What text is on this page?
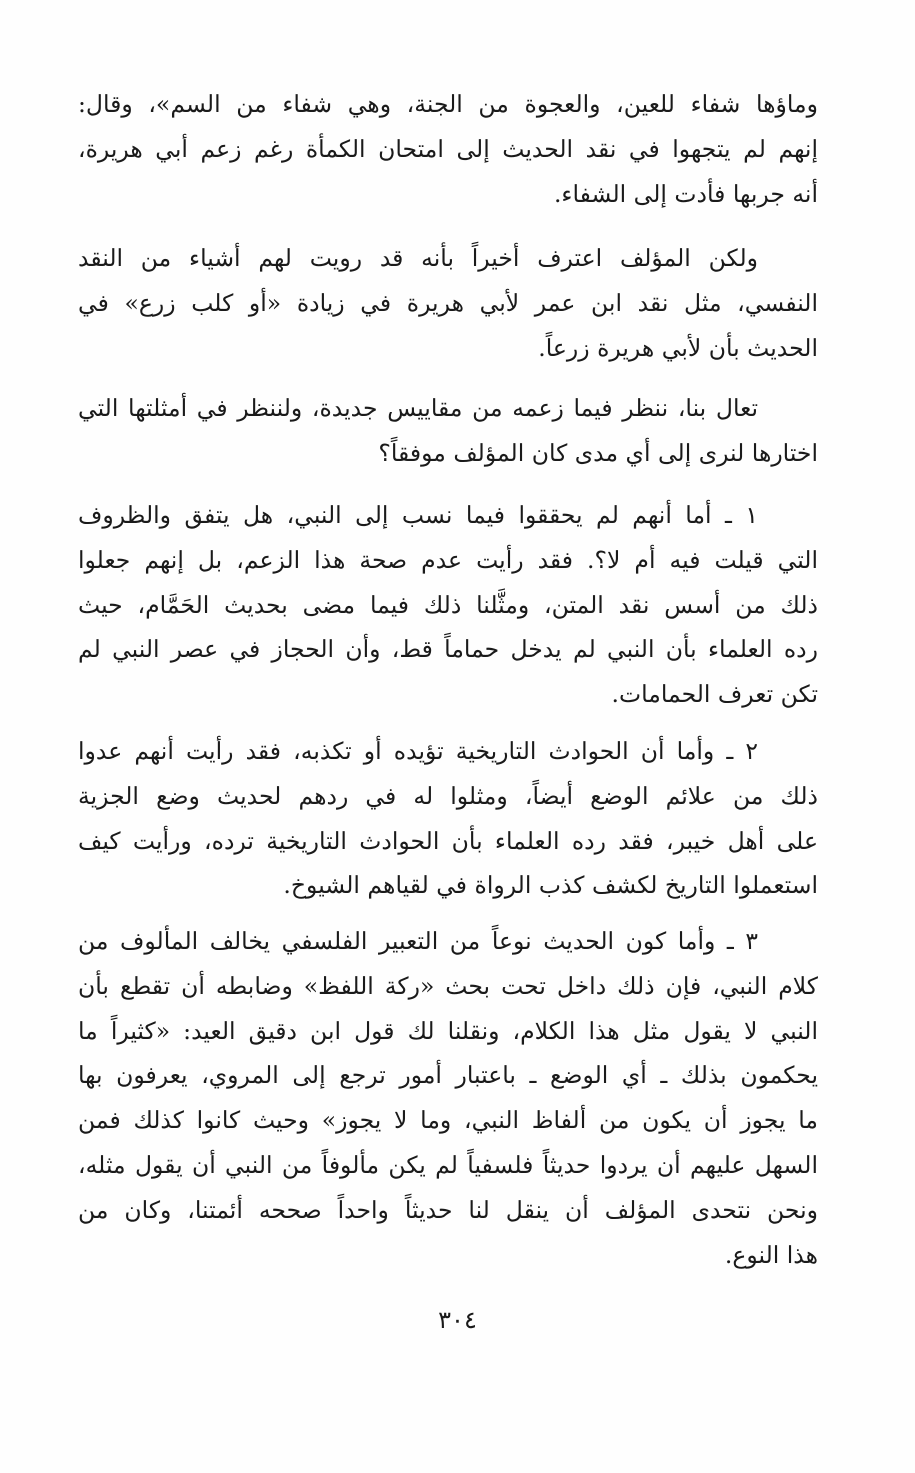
وماؤها شفاء للعين، والعجوة من الجنة، وهي شفاء من السم»، وقال:
إنهم لم يتجهوا في نقد الحديث إلى امتحان الكمأة رغم زعم أبي هريرة،
أنه جربها فأدت إلى الشفاء.
ولكن المؤلف اعترف أخيراً بأنه قد رويت لهم أشياء من النقد
النفسي، مثل نقد ابن عمر لأبي هريرة في زيادة «أو كلب زرع» في
الحديث بأن لأبي هريرة زرعاً.
تعال بنا، ننظر فيما زعمه من مقاييس جديدة، ولننظر في أمثلتها التي
اختارها لنرى إلى أي مدى كان المؤلف موفقاً؟
١ ـ أما أنهم لم يحققوا فيما نسب إلى النبي، هل يتفق والظروف
التي قيلت فيه أم لا؟. فقد رأيت عدم صحة هذا الزعم، بل إنهم جعلوا
ذلك من أسس نقد المتن، ومثَّلنا ذلك فيما مضى بحديث الحَمَّام، حيث
رده العلماء بأن النبي لم يدخل حماماً قط، وأن الحجاز في عصر النبي لم
تكن تعرف الحمامات.
٢ ـ وأما أن الحوادث التاريخية تؤيده أو تكذبه، فقد رأيت أنهم عدوا
ذلك من علائم الوضع أيضاً، ومثلوا له في ردهم لحديث وضع الجزية
على أهل خيبر، فقد رده العلماء بأن الحوادث التاريخية ترده، ورأيت كيف
استعملوا التاريخ لكشف كذب الرواة في لقياهم الشيوخ.
٣ ـ وأما كون الحديث نوعاً من التعبير الفلسفي يخالف المألوف من
كلام النبي، فإن ذلك داخل تحت بحث «ركة اللفظ» وضابطه أن تقطع بأن
النبي لا يقول مثل هذا الكلام، ونقلنا لك قول ابن دقيق العيد: «كثيراً ما
يحكمون بذلك ـ أي الوضع ـ باعتبار أمور ترجع إلى المروي، يعرفون بها
ما يجوز أن يكون من ألفاظ النبي، وما لا يجوز» وحيث كانوا كذلك فمن
السهل عليهم أن يردوا حديثاً فلسفياً لم يكن مألوفاً من النبي أن يقول مثله،
ونحن نتحدى المؤلف أن ينقل لنا حديثاً واحداً صححه أئمتنا، وكان من
هذا النوع.
٣٠٤
